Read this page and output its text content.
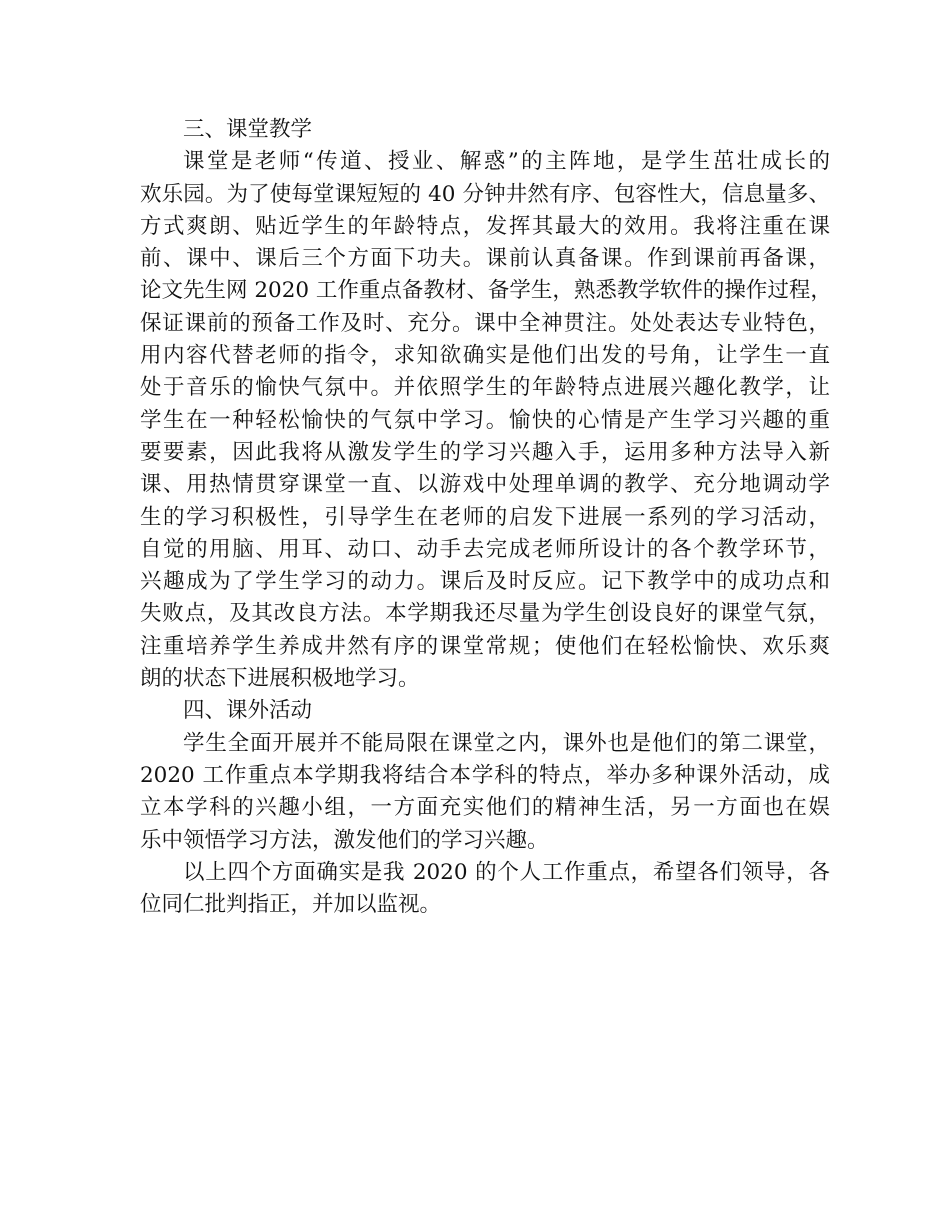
三、课堂教学
课堂是老师“传道、授业、解惑”的主阵地，是学生茁壮成长的
欢乐园。为了使每堂课短短的 40 分钟井然有序、包容性大，信息量多、
方式爽朗、贴近学生的年龄特点，发挥其最大的效用。我将注重在课
前、课中、课后三个方面下功夫。课前认真备课。作到课前再备课，
论文先生网 2020 工作重点备教材、备学生，熟悉教学软件的操作过程，
保证课前的预备工作及时、充分。课中全神贯注。处处表达专业特色，
用内容代替老师的指令，求知欲确实是他们出发的号角，让学生一直
处于音乐的愉快气氛中。并依照学生的年龄特点进展兴趣化教学，让
学生在一种轻松愉快的气氛中学习。愉快的心情是产生学习兴趣的重
要要素，因此我将从激发学生的学习兴趣入手，运用多种方法导入新
课、用热情贯穿课堂一直、以游戏中处理单调的教学、充分地调动学
生的学习积极性，引导学生在老师的启发下进展一系列的学习活动，
自觉的用脑、用耳、动口、动手去完成老师所设计的各个教学环节，
兴趣成为了学生学习的动力。课后及时反应。记下教学中的成功点和
失败点，及其改良方法。本学期我还尽量为学生创设良好的课堂气氛，
注重培养学生养成井然有序的课堂常规；使他们在轻松愉快、欢乐爽
朗的状态下进展积极地学习。
四、课外活动
学生全面开展并不能局限在课堂之内，课外也是他们的第二课堂，
2020 工作重点本学期我将结合本学科的特点，举办多种课外活动，成
立本学科的兴趣小组，一方面充实他们的精神生活，另一方面也在娱
乐中领悟学习方法，激发他们的学习兴趣。
以上四个方面确实是我 2020 的个人工作重点，希望各们领导，各
位同仁批判指正，并加以监视。
